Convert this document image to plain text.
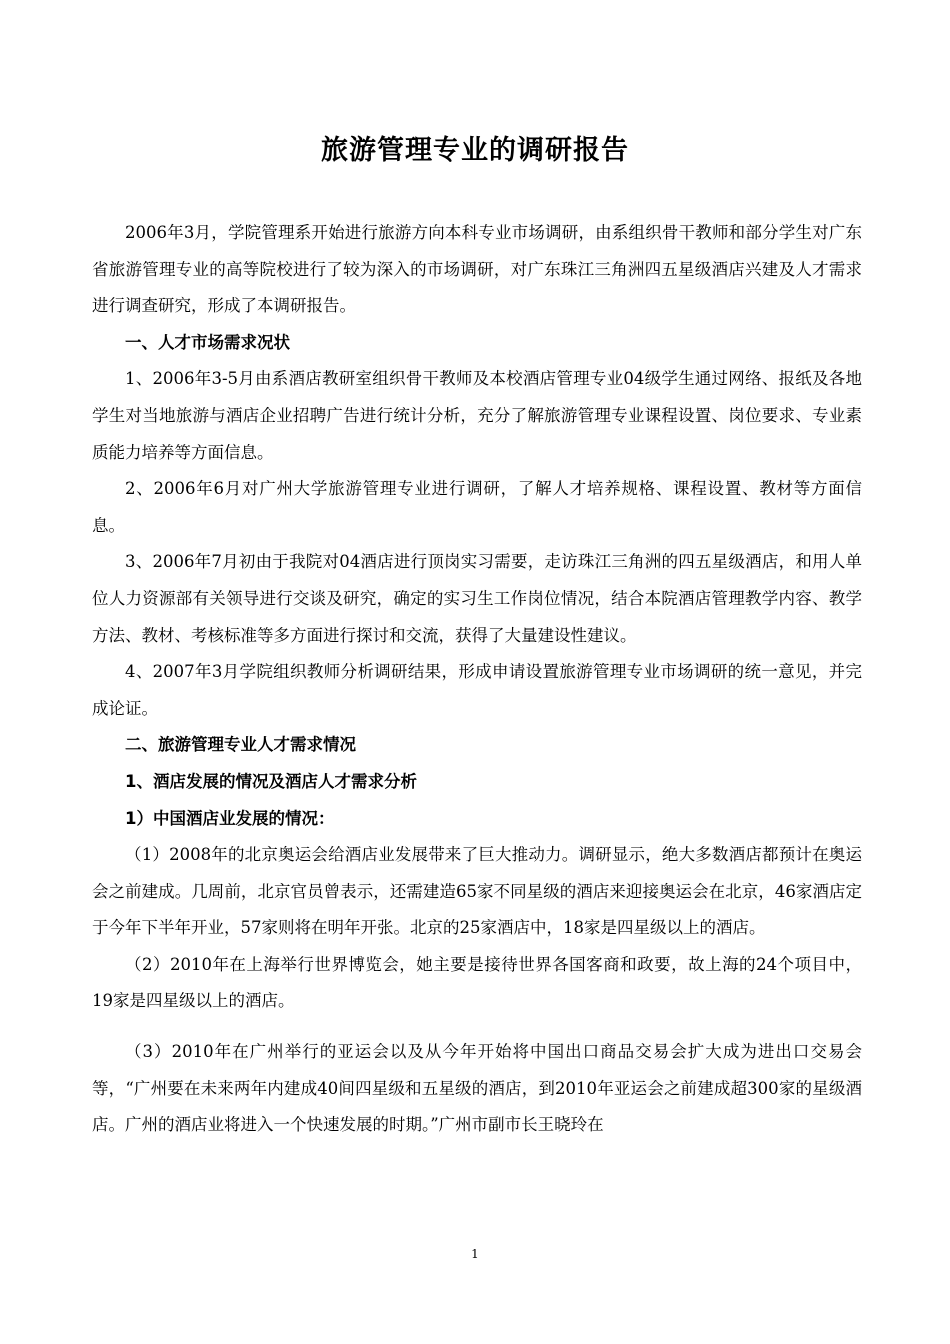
旅游管理专业的调研报告

2006年3月，学院管理系开始进行旅游方向本科专业市场调研，由系组织骨干教师和部分学生对广东省旅游管理专业的高等院校进行了较为深入的市场调研，对广东珠江三角洲四五星级酒店兴建及人才需求进行调查研究，形成了本调研报告。

一、人才市场需求况状

1、2006年3-5月由系酒店教研室组织骨干教师及本校酒店管理专业04级学生通过网络、报纸及各地学生对当地旅游与酒店企业招聘广告进行统计分析，充分了解旅游管理专业课程设置、岗位要求、专业素质能力培养等方面信息。

2、2006年6月对广州大学旅游管理专业进行调研，了解人才培养规格、课程设置、教材等方面信息。

3、2006年7月初由于我院对04酒店进行顶岗实习需要，走访珠江三角洲的四五星级酒店，和用人单位人力资源部有关领导进行交谈及研究，确定的实习生工作岗位情况，结合本院酒店管理教学内容、教学方法、教材、考核标准等多方面进行探讨和交流，获得了大量建设性建议。

4、2007年3月学院组织教师分析调研结果，形成申请设置旅游管理专业市场调研的统一意见，并完成论证。

二、旅游管理专业人才需求情况

1、酒店发展的情况及酒店人才需求分析

1）中国酒店业发展的情况：

（1）2008年的北京奥运会给酒店业发展带来了巨大推动力。调研显示，绝大多数酒店都预计在奥运会之前建成。几周前，北京官员曾表示，还需建造65家不同星级的酒店来迎接奥运会在北京，46家酒店定于今年下半年开业，57家则将在明年开张。北京的25家酒店中，18家是四星级以上的酒店。

（2）2010年在上海举行世界博览会，她主要是接待世界各国客商和政要，故上海的24个项目中，19家是四星级以上的酒店。

（3）2010年在广州举行的亚运会以及从今年开始将中国出口商品交易会扩大成为进出口交易会等，“广州要在未来两年内建成40间四星级和五星级的酒店，到2010年亚运会之前建成超300家的星级酒店。广州的酒店业将进入一个快速发展的时期。”广州市副市长王晓玲在

1
